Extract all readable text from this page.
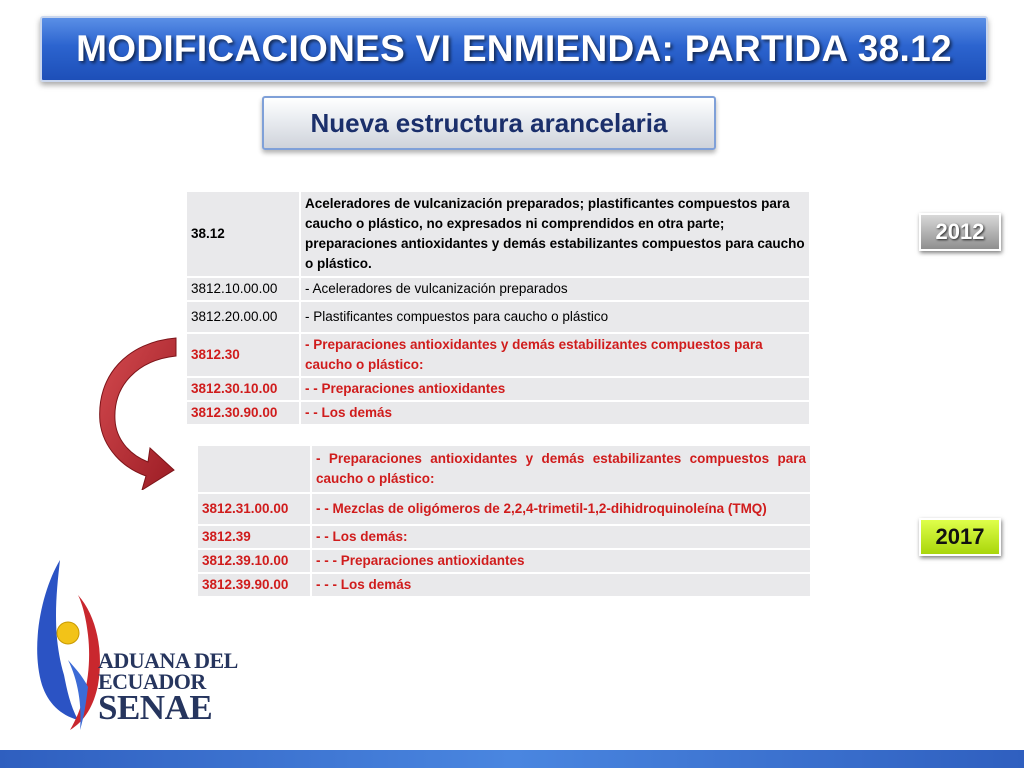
MODIFICACIONES VI ENMIENDA: PARTIDA 38.12
Nueva estructura arancelaria
38.12	Aceleradores de vulcanización preparados; plastificantes compuestos para caucho o plástico, no expresados ni comprendidos en otra parte; preparaciones antioxidantes y demás estabilizantes compuestos para caucho o plástico.
3812.10.00.00	- Aceleradores de vulcanización preparados
3812.20.00.00	- Plastificantes compuestos para caucho o plástico
3812.30	- Preparaciones antioxidantes y demás estabilizantes compuestos para caucho o plástico:
3812.30.10.00	- - Preparaciones antioxidantes
3812.30.90.00	- - Los demás
	- Preparaciones antioxidantes y demás estabilizantes compuestos para caucho o plástico:
3812.31.00.00	- - Mezclas de oligómeros de 2,2,4-trimetil-1,2-dihidroquinoleína (TMQ)
3812.39	- - Los demás:
3812.39.10.00	- - - Preparaciones antioxidantes
3812.39.90.00	- - - Los demás
2012
2017
ADUANA DEL
ECUADOR
SENAE
